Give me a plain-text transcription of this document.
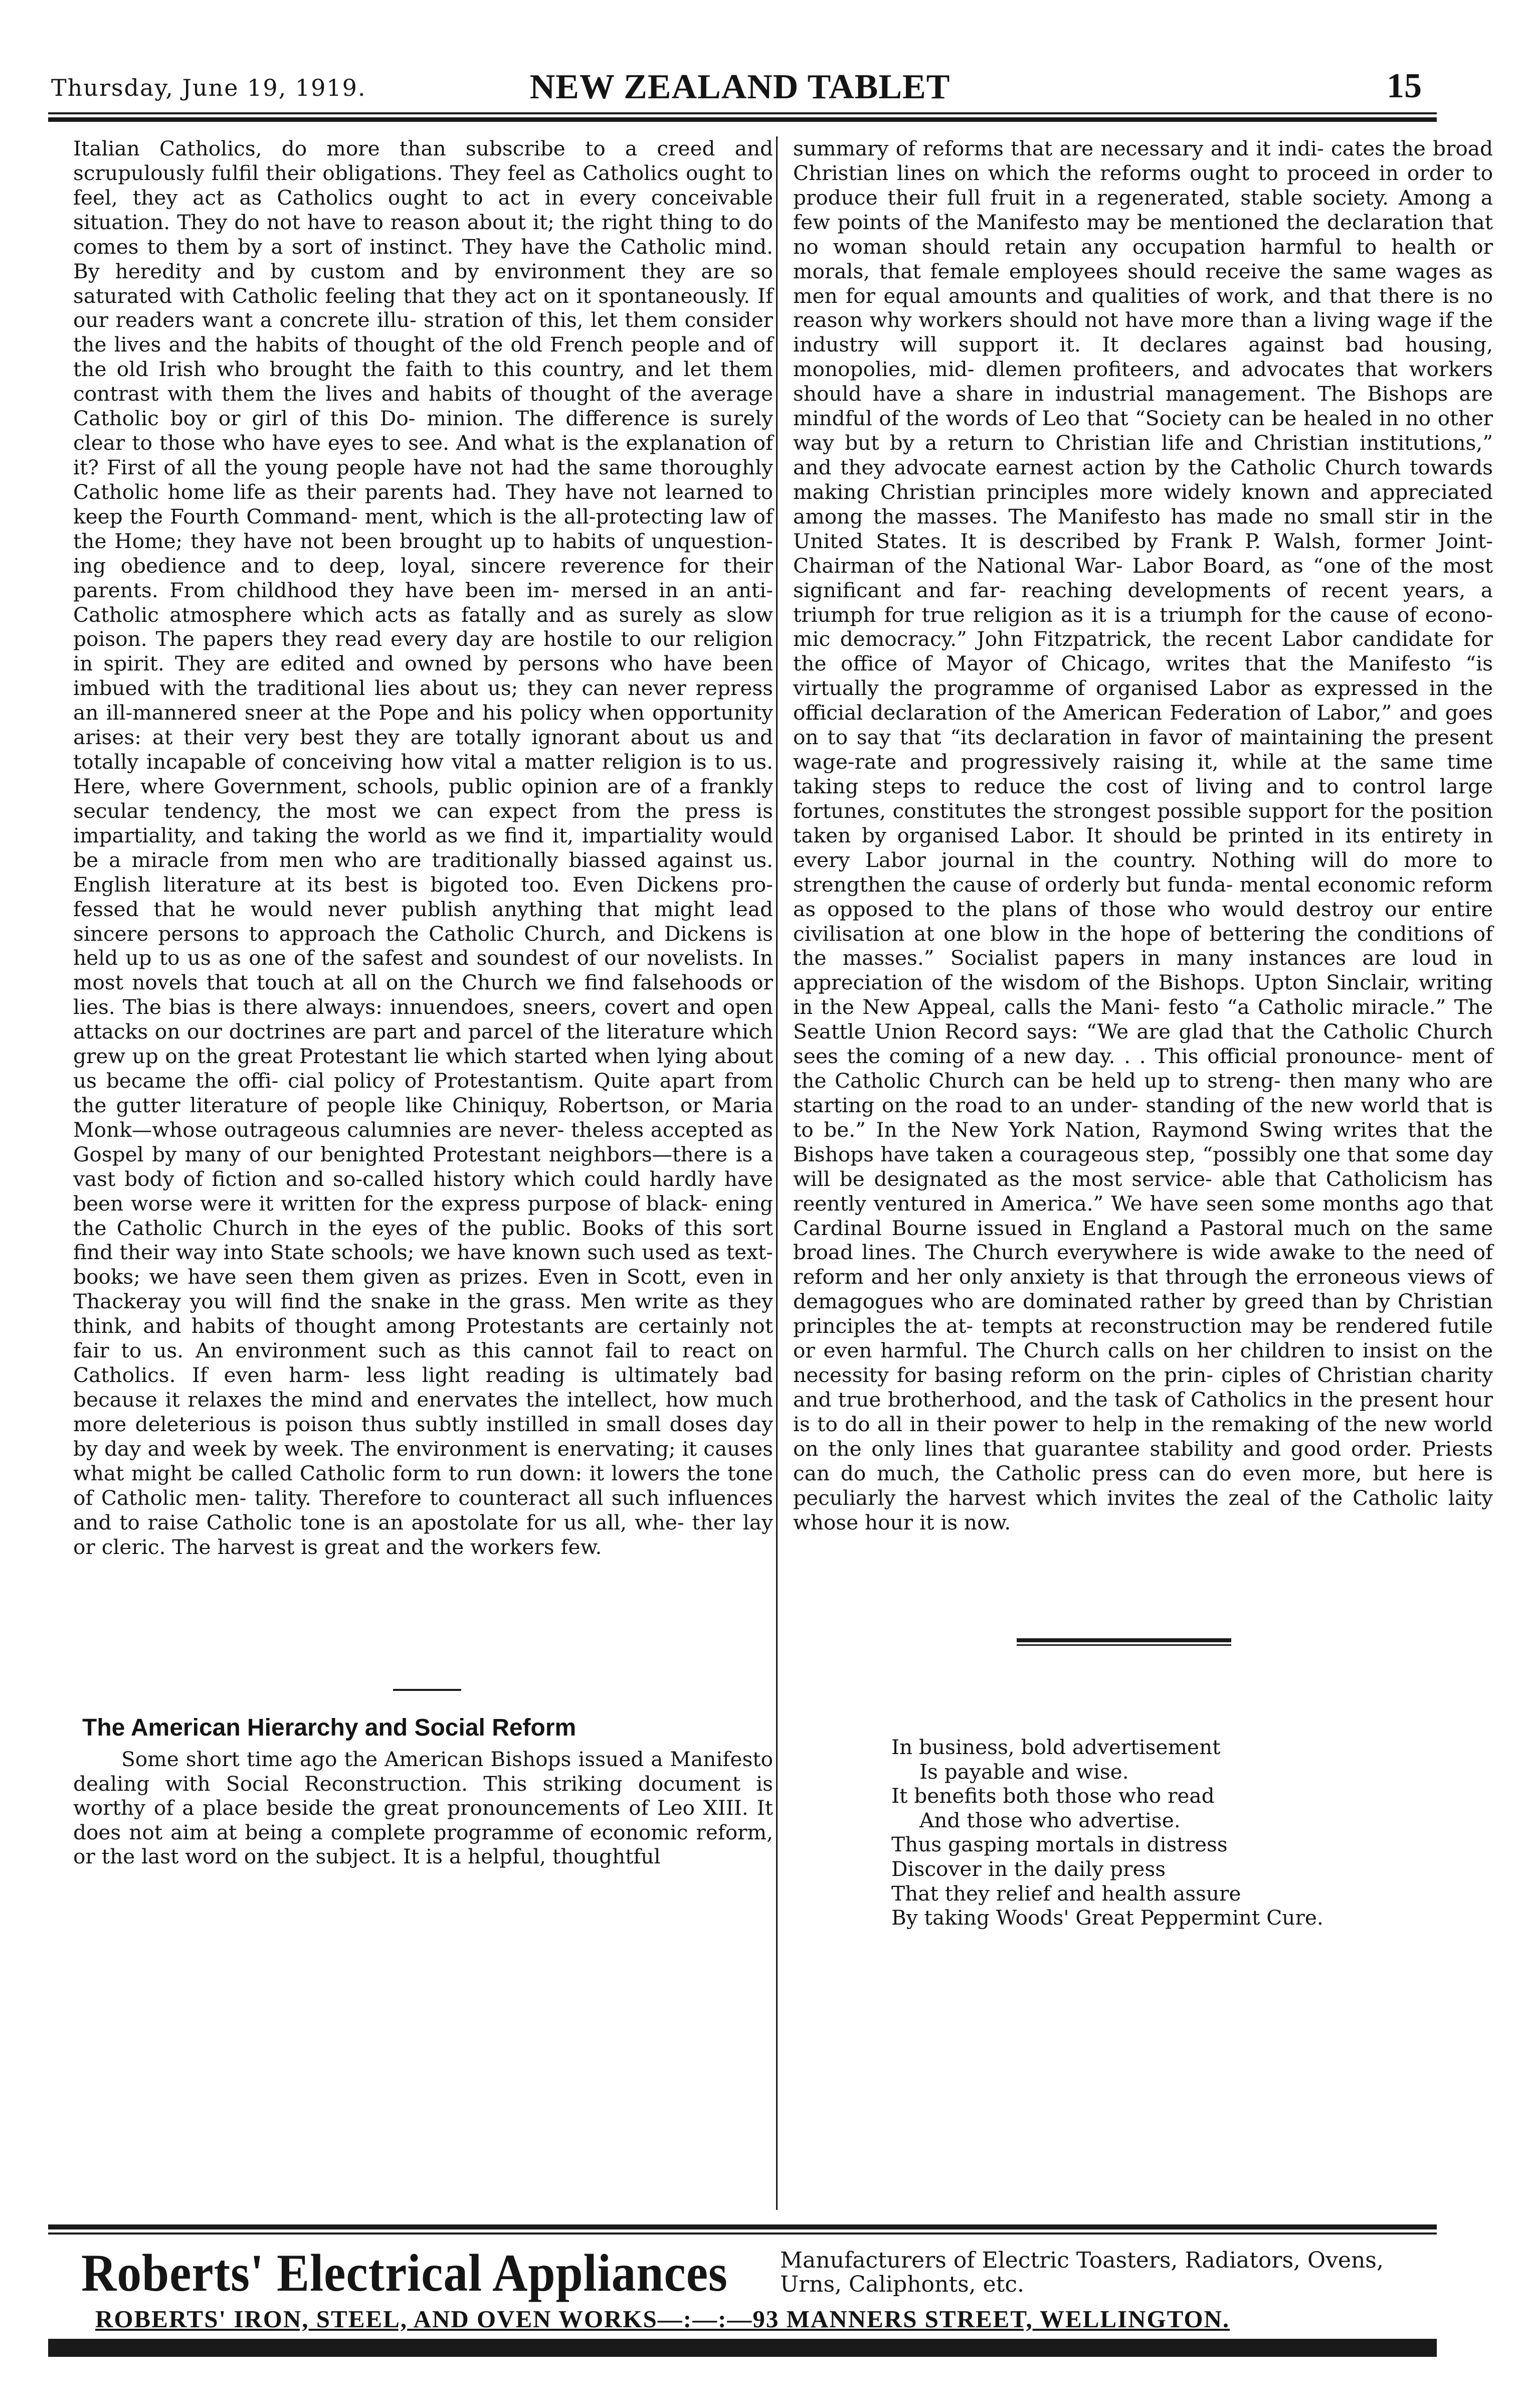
Thursday, June 19, 1919.	NEW ZEALAND TABLET	15

Italian Catholics, do more than subscribe to a creed and scrupulously fulfil their obligations. They feel as Catholics ought to feel, they act as Catholics ought to act in every conceivable situation. They do not have to reason about it; the right thing to do comes to them by a sort of instinct. They have the Catholic mind. By heredity and by custom and by environment they are so saturated with Catholic feeling that they act on it spontaneously. If our readers want a concrete illu- stration of this, let them consider the lives and the habits of thought of the old French people and of the old Irish who brought the faith to this country, and let them contrast with them the lives and habits of thought of the average Catholic boy or girl of this Do- minion. The difference is surely clear to those who have eyes to see. And what is the explanation of it? First of all the young people have not had the same thoroughly Catholic home life as their parents had. They have not learned to keep the Fourth Command- ment, which is the all-protecting law of the Home; they have not been brought up to habits of unquestion- ing obedience and to deep, loyal, sincere reverence for their parents. From childhood they have been im- mersed in an anti-Catholic atmosphere which acts as fatally and as surely as slow poison. The papers they read every day are hostile to our religion in spirit. They are edited and owned by persons who have been imbued with the traditional lies about us; they can never repress an ill-mannered sneer at the Pope and his policy when opportunity arises: at their very best they are totally ignorant about us and totally incapable of conceiving how vital a matter religion is to us. Here, where Government, schools, public opinion are of a frankly secular tendency, the most we can expect from the press is impartiality, and taking the world as we find it, impartiality would be a miracle from men who are traditionally biassed against us. English literature at its best is bigoted too. Even Dickens pro- fessed that he would never publish anything that might lead sincere persons to approach the Catholic Church, and Dickens is held up to us as one of the safest and soundest of our novelists. In most novels that touch at all on the Church we find falsehoods or lies. The bias is there always: innuendoes, sneers, covert and open attacks on our doctrines are part and parcel of the literature which grew up on the great Protestant lie which started when lying about us became the offi- cial policy of Protestantism. Quite apart from the gutter literature of people like Chiniquy, Robertson, or Maria Monk—whose outrageous calumnies are never- theless accepted as Gospel by many of our benighted Protestant neighbors—there is a vast body of fiction and so-called history which could hardly have been worse were it written for the express purpose of black- ening the Catholic Church in the eyes of the public. Books of this sort find their way into State schools; we have known such used as text-books; we have seen them given as prizes. Even in Scott, even in Thackeray you will find the snake in the grass. Men write as they think, and habits of thought among Protestants are certainly not fair to us. An environment such as this cannot fail to react on Catholics. If even harm- less light reading is ultimately bad because it relaxes the mind and enervates the intellect, how much more deleterious is poison thus subtly instilled in small doses day by day and week by week. The environment is enervating; it causes what might be called Catholic form to run down: it lowers the tone of Catholic men- tality. Therefore to counteract all such influences and to raise Catholic tone is an apostolate for us all, whe- ther lay or cleric. The harvest is great and the workers few.

The American Hierarchy and Social Reform

Some short time ago the American Bishops issued a Manifesto dealing with Social Reconstruction. This striking document is worthy of a place beside the great pronouncements of Leo XIII. It does not aim at being a complete programme of economic reform, or the last word on the subject. It is a helpful, thoughtful

summary of reforms that are necessary and it indi- cates the broad Christian lines on which the reforms ought to proceed in order to produce their full fruit in a regenerated, stable society. Among a few points of the Manifesto may be mentioned the declaration that no woman should retain any occupation harmful to health or morals, that female employees should receive the same wages as men for equal amounts and qualities of work, and that there is no reason why workers should not have more than a living wage if the industry will support it. It declares against bad housing, monopolies, mid- dlemen profiteers, and advocates that workers should have a share in industrial management. The Bishops are mindful of the words of Leo that “Society can be healed in no other way but by a return to Christian life and Christian institutions,” and they advocate earnest action by the Catholic Church towards making Christian principles more widely known and appreciated among the masses. The Manifesto has made no small stir in the United States. It is described by Frank P. Walsh, former Joint-Chairman of the National War- Labor Board, as “one of the most significant and far- reaching developments of recent years, a triumph for true religion as it is a triumph for the cause of econo- mic democracy.” John Fitzpatrick, the recent Labor candidate for the office of Mayor of Chicago, writes that the Manifesto “is virtually the programme of organised Labor as expressed in the official declaration of the American Federation of Labor,” and goes on to say that “its declaration in favor of maintaining the present wage-rate and progressively raising it, while at the same time taking steps to reduce the cost of living and to control large fortunes, constitutes the strongest possible support for the position taken by organised Labor. It should be printed in its entirety in every Labor journal in the country. Nothing will do more to strengthen the cause of orderly but funda- mental economic reform as opposed to the plans of those who would destroy our entire civilisation at one blow in the hope of bettering the conditions of the masses.” Socialist papers in many instances are loud in appreciation of the wisdom of the Bishops. Upton Sinclair, writing in the New Appeal, calls the Mani- festo “a Catholic miracle.” The Seattle Union Record says: “We are glad that the Catholic Church sees the coming of a new day. . . This official pronounce- ment of the Catholic Church can be held up to streng- then many who are starting on the road to an under- standing of the new world that is to be.” In the New York Nation, Raymond Swing writes that the Bishops have taken a courageous step, “possibly one that some day will be designated as the most service- able that Catholicism has reently ventured in America.” We have seen some months ago that Cardinal Bourne issued in England a Pastoral much on the same broad lines. The Church everywhere is wide awake to the need of reform and her only anxiety is that through the erroneous views of demagogues who are dominated rather by greed than by Christian principles the at- tempts at reconstruction may be rendered futile or even harmful. The Church calls on her children to insist on the necessity for basing reform on the prin- ciples of Christian charity and true brotherhood, and the task of Catholics in the present hour is to do all in their power to help in the remaking of the new world on the only lines that guarantee stability and good order. Priests can do much, the Catholic press can do even more, but here is peculiarly the harvest which invites the zeal of the Catholic laity whose hour it is now.

In business, bold advertisement
Is payable and wise.
It benefits both those who read
And those who advertise.
Thus gasping mortals in distress
Discover in the daily press
That they relief and health assure
By taking Woods' Great Peppermint Cure.
Roberts' Electrical Appliances Manufacturers of Electric Toasters, Radiators, Ovens,
Urns, Caliphonts, etc.
ROBERTS' IRON, STEEL, AND OVEN WORKS—:—:—93 MANNERS STREET, WELLINGTON.
